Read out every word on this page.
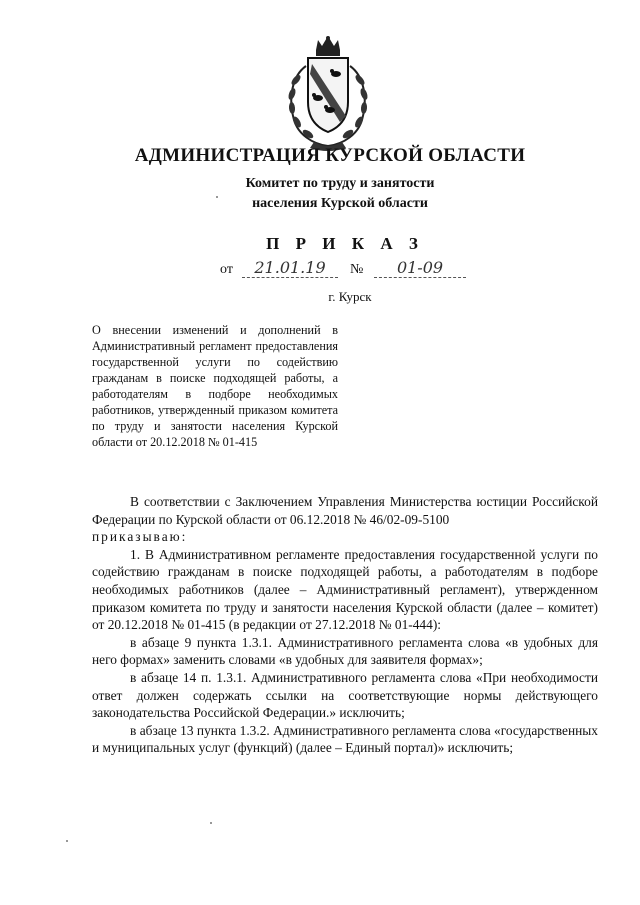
АДМИНИСТРАЦИЯ КУРСКОЙ ОБЛАСТИ
Комитет по труду и занятости
населения Курской области
П Р И К А З
от	21.01.19	№	01-09
г. Курск
О внесении изменений и дополнений в Административный регламент предоставления государственной услуги по содействию гражданам в поиске подходящей работы, а работодателям в подборе необходимых работников, утвержденный приказом комитета по труду и занятости населения Курской области от 20.12.2018 № 01-415

В соответствии с Заключением Управления Министерства юстиции Российской Федерации по Курской области от 06.12.2018 № 46/02-09-5100

приказываю:

1. В Административном регламенте предоставления государственной услуги по содействию гражданам в поиске подходящей работы, а работодателям в подборе необходимых работников (далее – Административный регламент), утвержденном приказом комитета по труду и занятости населения Курской области (далее – комитет) от 20.12.2018 № 01-415 (в редакции от 27.12.2018 № 01-444):

в абзаце 9 пункта 1.3.1. Административного регламента слова «в удобных для него формах» заменить словами «в удобных для заявителя формах»;

в абзаце 14 п. 1.3.1. Административного регламента слова «При необходимости ответ должен содержать ссылки на соответствующие нормы действующего законодательства Российской Федерации.» исключить;

в абзаце 13 пункта 1.3.2. Административного регламента слова «государственных и муниципальных услуг (функций) (далее – Единый портал)» исключить;
